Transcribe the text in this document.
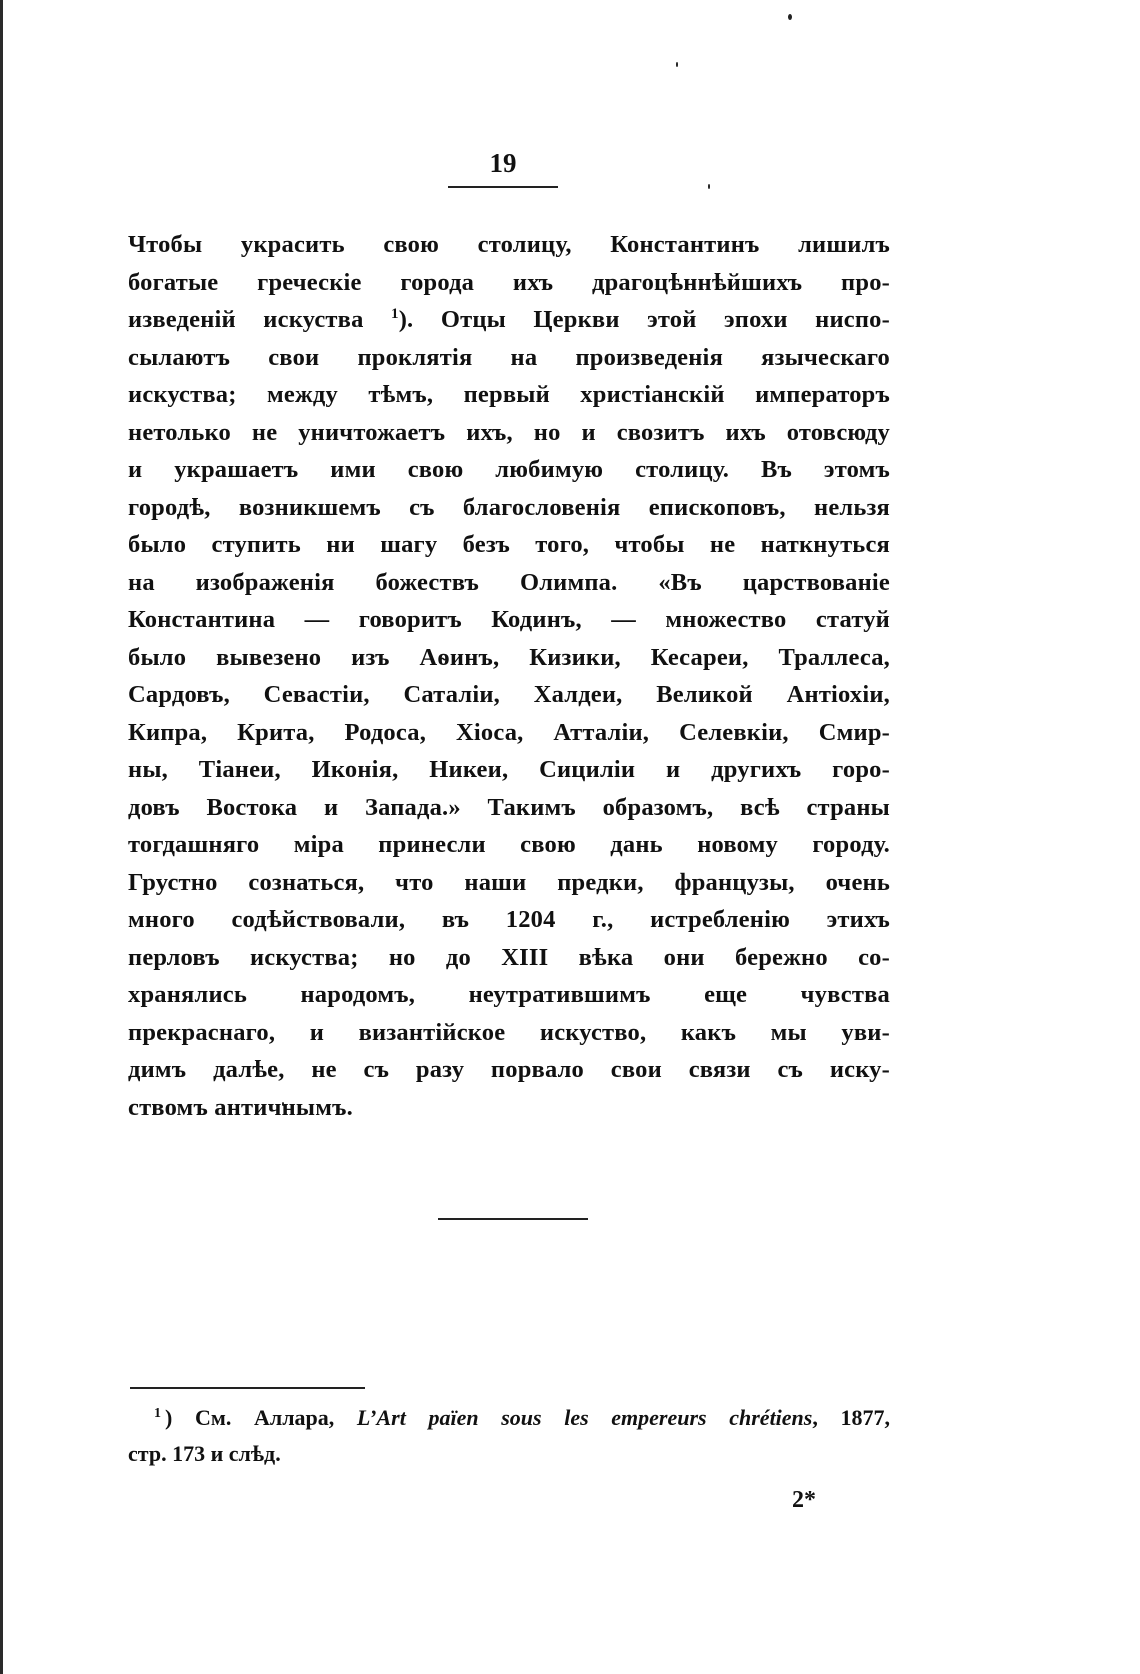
19
Чтобы украсить свою столицу, Константинъ лишилъ
богатые греческіе города ихъ драгоцѣннѣйшихъ про-
изведеній искуства $^1$). Отцы Церкви этой эпохи ниспо-
сылаютъ свои проклятія на произведенія языческаго
искуства; между тѣмъ, первый христіанскій императоръ
нетолько не уничтожаетъ ихъ, но и свозитъ ихъ отовсюду
и украшаетъ ими свою любимую столицу. Въ этомъ
городѣ, возникшемъ съ благословенія епископовъ, нельзя
было ступить ни шагу безъ того, чтобы не наткнуться
на изображенія божествъ Олимпа. «Въ царствованіе
Константина — говоритъ Кодинъ, — множество статуй
было вывезено изъ Аѳинъ, Кизики, Кесареи, Траллеса,
Сардовъ, Севастіи, Саталіи, Халдеи, Великой Антіохіи,
Кипра, Крита, Родоса, Хіоса, Атталіи, Селевкіи, Смир-
ны, Тіанеи, Иконія, Никеи, Сициліи и другихъ горо-
довъ Востока и Запада.» Такимъ образомъ, всѣ страны
тогдашняго міра принесли свою дань новому городу.
Грустно сознаться, что наши предки, французы, очень
много содѣйствовали, въ 1204 г., истребленію этихъ
перловъ искуства; но до XIII вѣка они бережно со-
хранялись народомъ, неутратившимъ еще чувства
прекраснаго, и византійское искуство, какъ мы уви-
димъ далѣе, не съ разу порвало свои связи съ иску-
ствомъ античнымъ.
$^1$ ) См. Аллара, L’Art païen sous les empereurs chrétiens, 1877,
стр. 173 и слѣд.
2*
